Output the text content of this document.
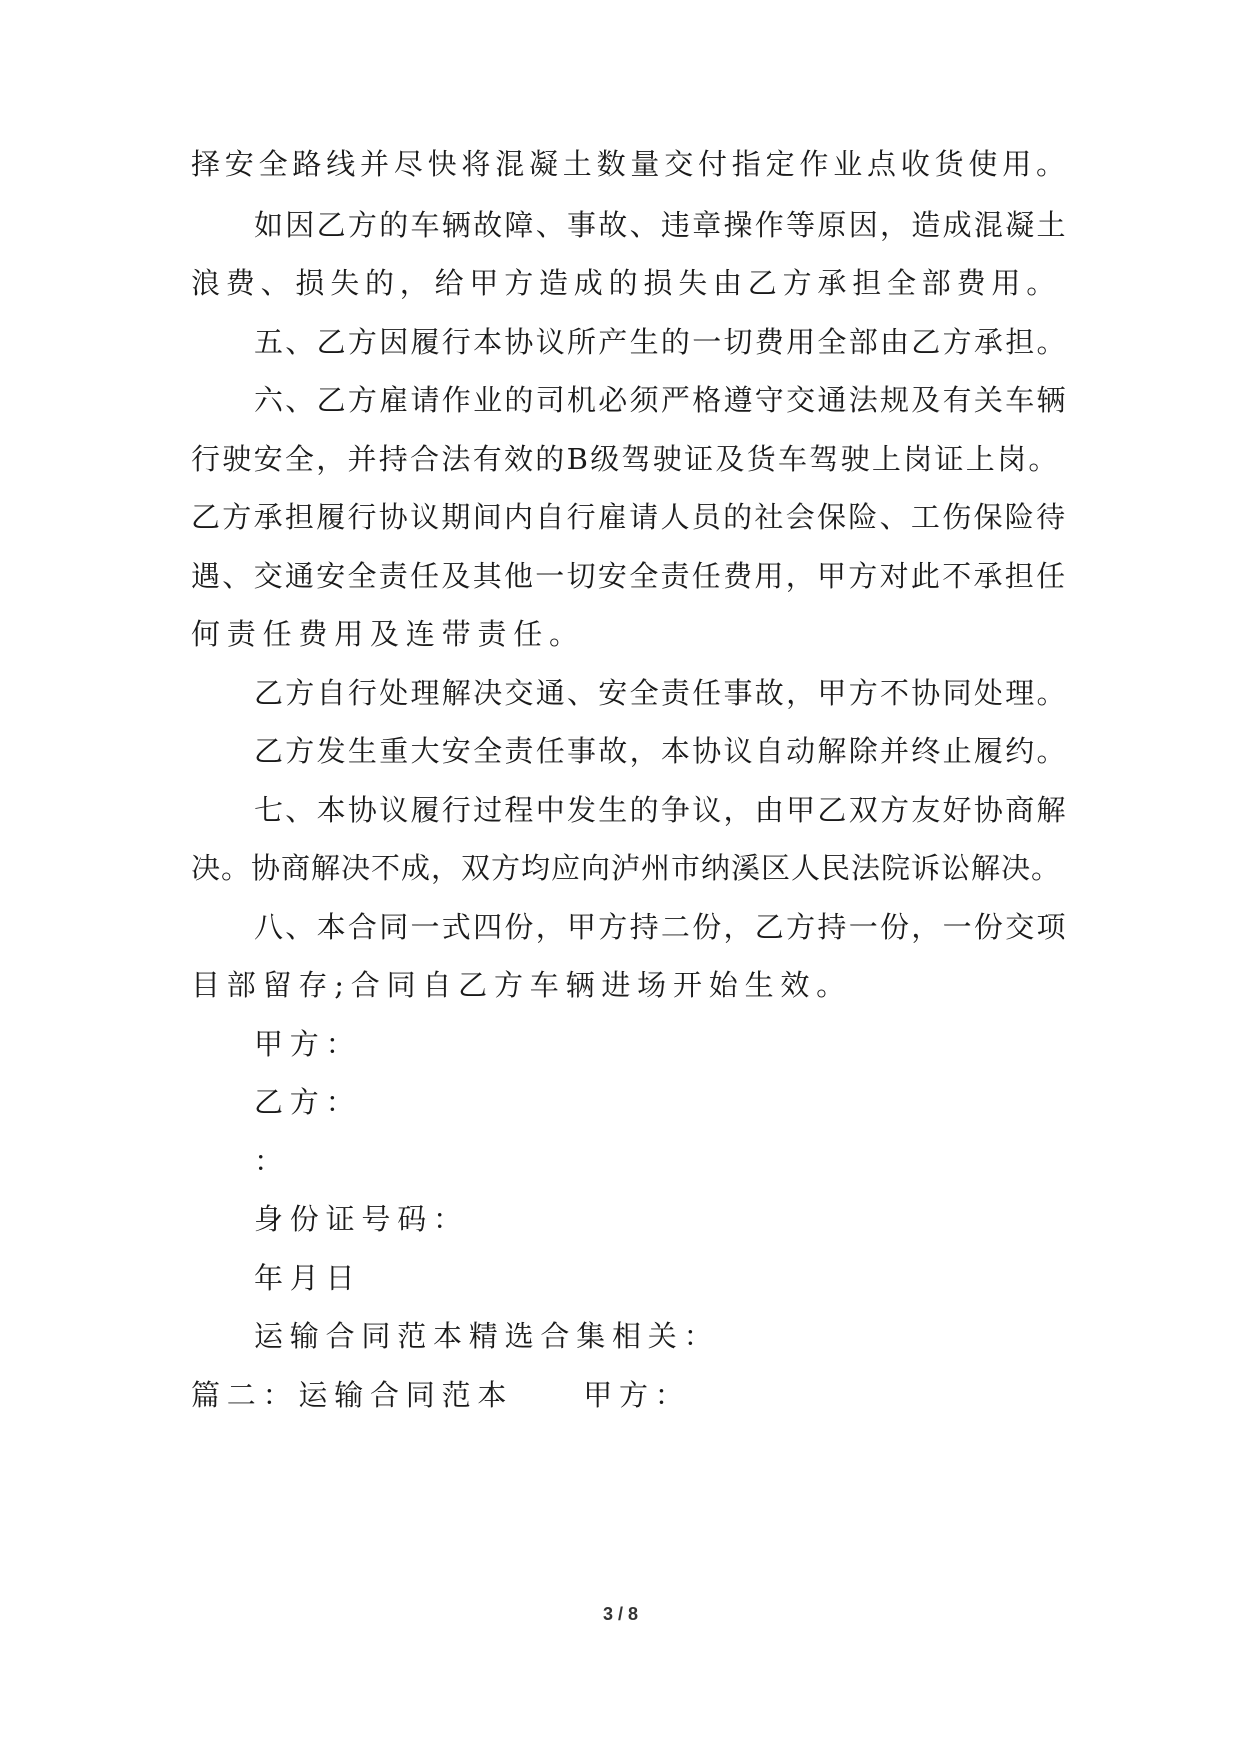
择安全路线并尽快将混凝土数量交付指定作业点收货使用。
如因乙方的车辆故障、事故、违章操作等原因，造成混凝土
浪费、损失的，给甲方造成的损失由乙方承担全部费用。
五、乙方因履行本协议所产生的一切费用全部由乙方承担。
六、乙方雇请作业的司机必须严格遵守交通法规及有关车辆
行驶安全，并持合法有效的B级驾驶证及货车驾驶上岗证上岗。
乙方承担履行协议期间内自行雇请人员的社会保险、工伤保险待
遇、交通安全责任及其他一切安全责任费用，甲方对此不承担任
何责任费用及连带责任。
乙方自行处理解决交通、安全责任事故，甲方不协同处理。
乙方发生重大安全责任事故，本协议自动解除并终止履约。
七、本协议履行过程中发生的争议，由甲乙双方友好协商解
决。协商解决不成，双方均应向泸州市纳溪区人民法院诉讼解决。
八、本合同一式四份，甲方持二份，乙方持一份，一份交项
目部留存;合同自乙方车辆进场开始生效。
甲方：
乙方：
：
身份证号码：
年月日
运输合同范本精选合集相关：
篇二：运输合同范本 甲方：
3 / 8
